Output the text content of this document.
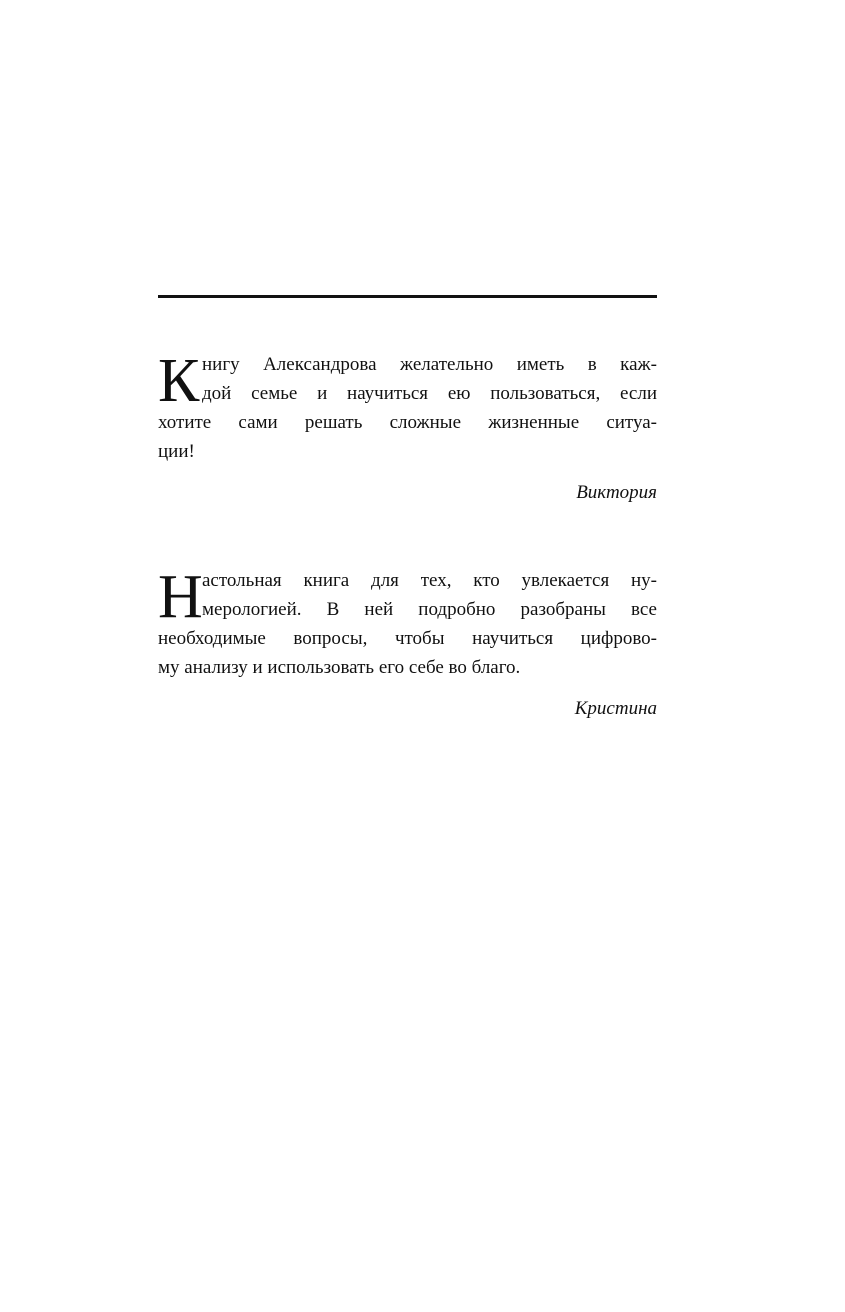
К нигу Александрова желательно иметь в каж-
дой семье и научиться ею пользоваться, если
хотите сами решать сложные жизненные ситуа-
ции!
Виктория
Н астольная книга для тех, кто увлекается ну-
мерологией. В ней подробно разобраны все
необходимые вопросы, чтобы научиться цифрово-
му анализу и использовать его себе во благо.
Кристина
